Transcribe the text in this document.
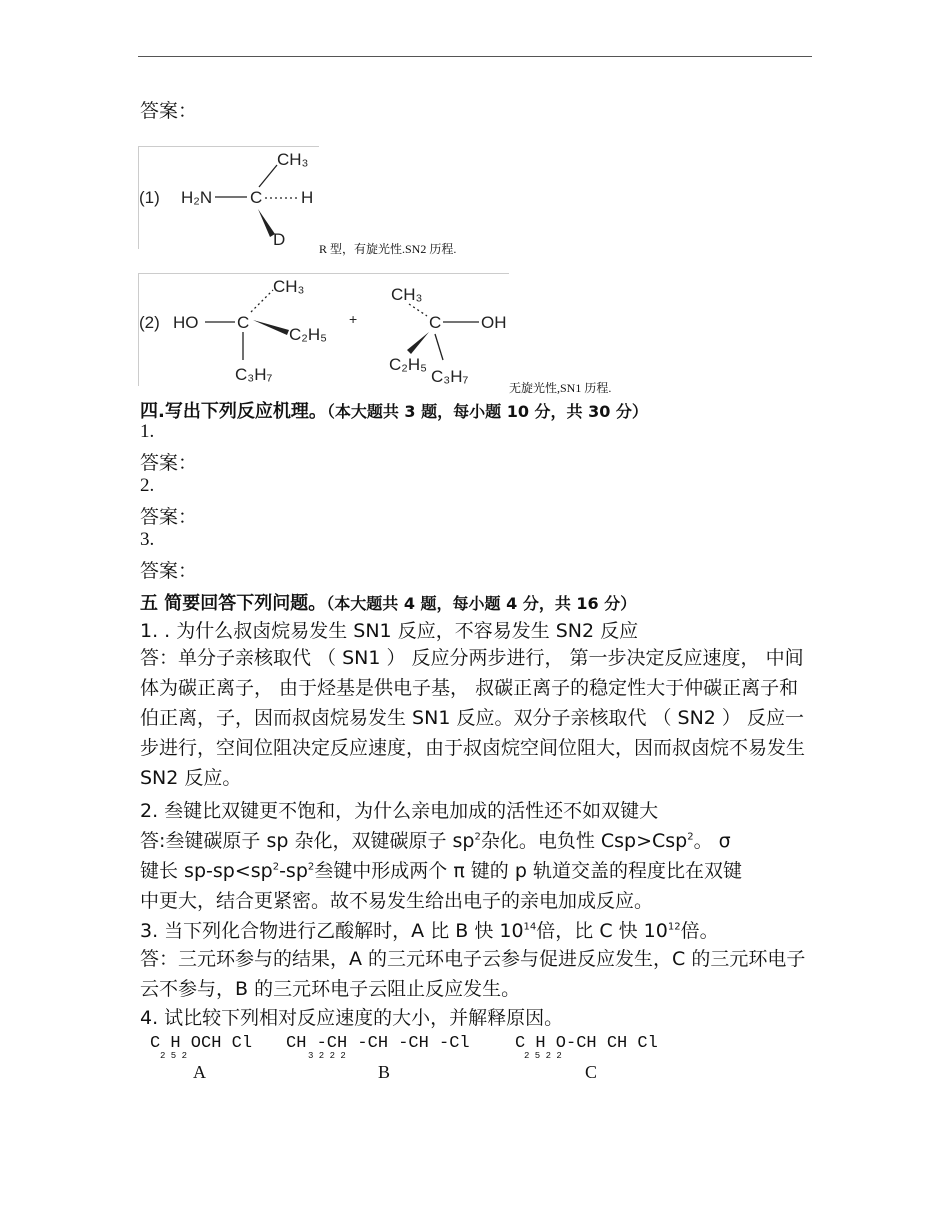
答案：
(1) H₂N C
CH₃
H
D	R 型，有旋光性.SN2 历程.
(2) HO C
CH₃
C₂H₅
C₃H₇
+
CH₃
C OH
C₂H₅
C₃H₇
无旋光性,SN1 历程.
四.写出下列反应机理。（本大题共 3 题，每小题 10 分，共 30 分）
1.
答案：
2.
答案：
3.
答案：
五 简要回答下列问题。（本大题共 4 题，每小题 4 分，共 16 分）
1. . 为什么叔卤烷易发生 SN1 反应，不容易发生 SN2 反应
答：单分子亲核取代 （ SN1 ） 反应分两步进行， 第一步决定反应速度， 中间体为碳正离子， 由于烃基是供电子基， 叔碳正离子的稳定性大于仲碳正离子和伯正离，子，因而叔卤烷易发生 SN1 反应。双分子亲核取代 （ SN2 ） 反应一步进行，空间位阻决定反应速度，由于叔卤烷空间位阻大，因而叔卤烷不易发生 SN2 反应。
2. 叁键比双键更不饱和，为什么亲电加成的活性还不如双键大
答:叁键碳原子 sp 杂化，双键碳原子 $sp^2$杂化。电负性 Csp>Csp$^2$。 σ
键长 $sp-sp<sp^2-sp^2$叁键中形成两个 π 键的 p 轨道交盖的程度比在双键
中更大，结合更紧密。故不易发生给出电子的亲电加成反应。
3. 当下列化合物进行乙酸解时，A 比 B 快 $10^{14}$倍，比 C 快 $10^{12}$倍。
答：三元环参与的结果，A 的三元环电子云参与促进反应发生，C 的三元环电子云不参与，B 的三元环电子云阻止反应发生。
4. 试比较下列相对反应速度的大小，并解释原因。
C H OCH Cl
2 5 2
A
CH -CH -CH -CH -Cl
3 2 2 2
B
C H O-CH CH Cl
2 5 2 2
C
